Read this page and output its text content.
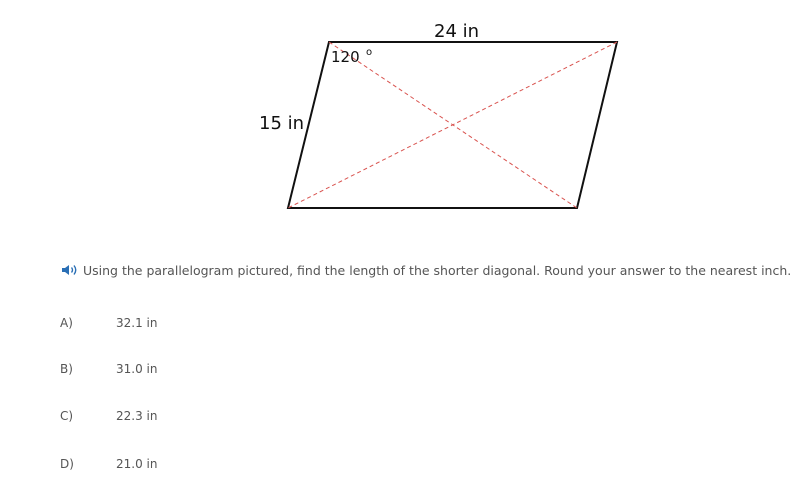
24 in
15 in
120 o
Using the parallelogram pictured, find the length of the shorter diagonal. Round your answer to the nearest inch.
A)	32.1 in
B)	31.0 in
C)	22.3 in
D)	21.0 in
